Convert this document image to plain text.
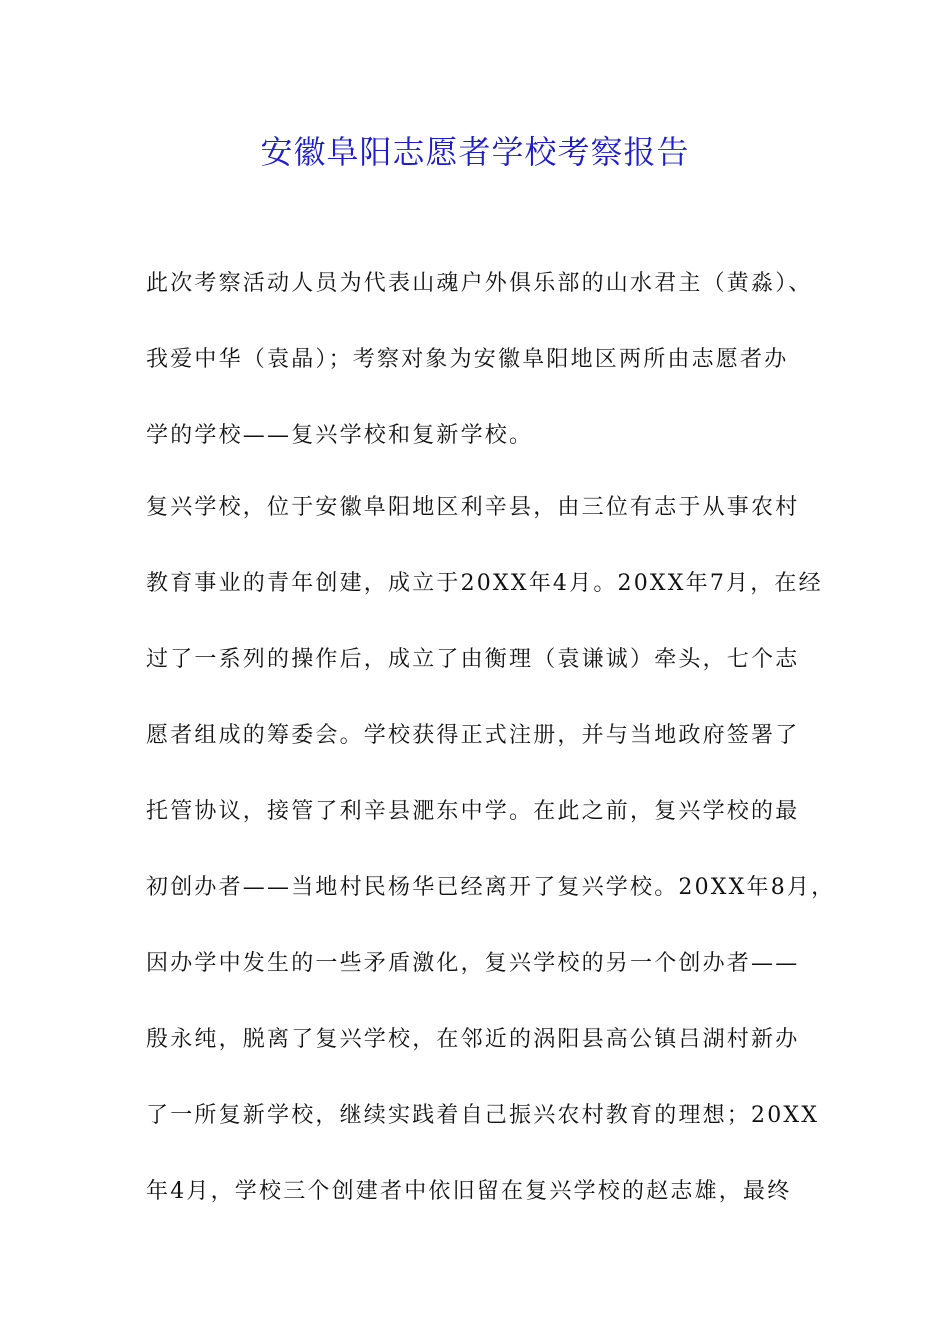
安徽阜阳志愿者学校考察报告
此次考察活动人员为代表山魂户外俱乐部的山水君主（黄淼）、
我爱中华（袁晶）；考察对象为安徽阜阳地区两所由志愿者办
学的学校——复兴学校和复新学校。
复兴学校，位于安徽阜阳地区利辛县，由三位有志于从事农村
教育事业的青年创建，成立于20XX年4月。20XX年7月，在经
过了一系列的操作后，成立了由衡理（袁谦诚）牵头，七个志
愿者组成的筹委会。学校获得正式注册，并与当地政府签署了
托管协议，接管了利辛县淝东中学。在此之前，复兴学校的最
初创办者——当地村民杨华已经离开了复兴学校。20XX年8月，
因办学中发生的一些矛盾激化，复兴学校的另一个创办者——
殷永纯，脱离了复兴学校，在邻近的涡阳县高公镇吕湖村新办
了一所复新学校，继续实践着自己振兴农村教育的理想；20XX
年4月，学校三个创建者中依旧留在复兴学校的赵志雄，最终
